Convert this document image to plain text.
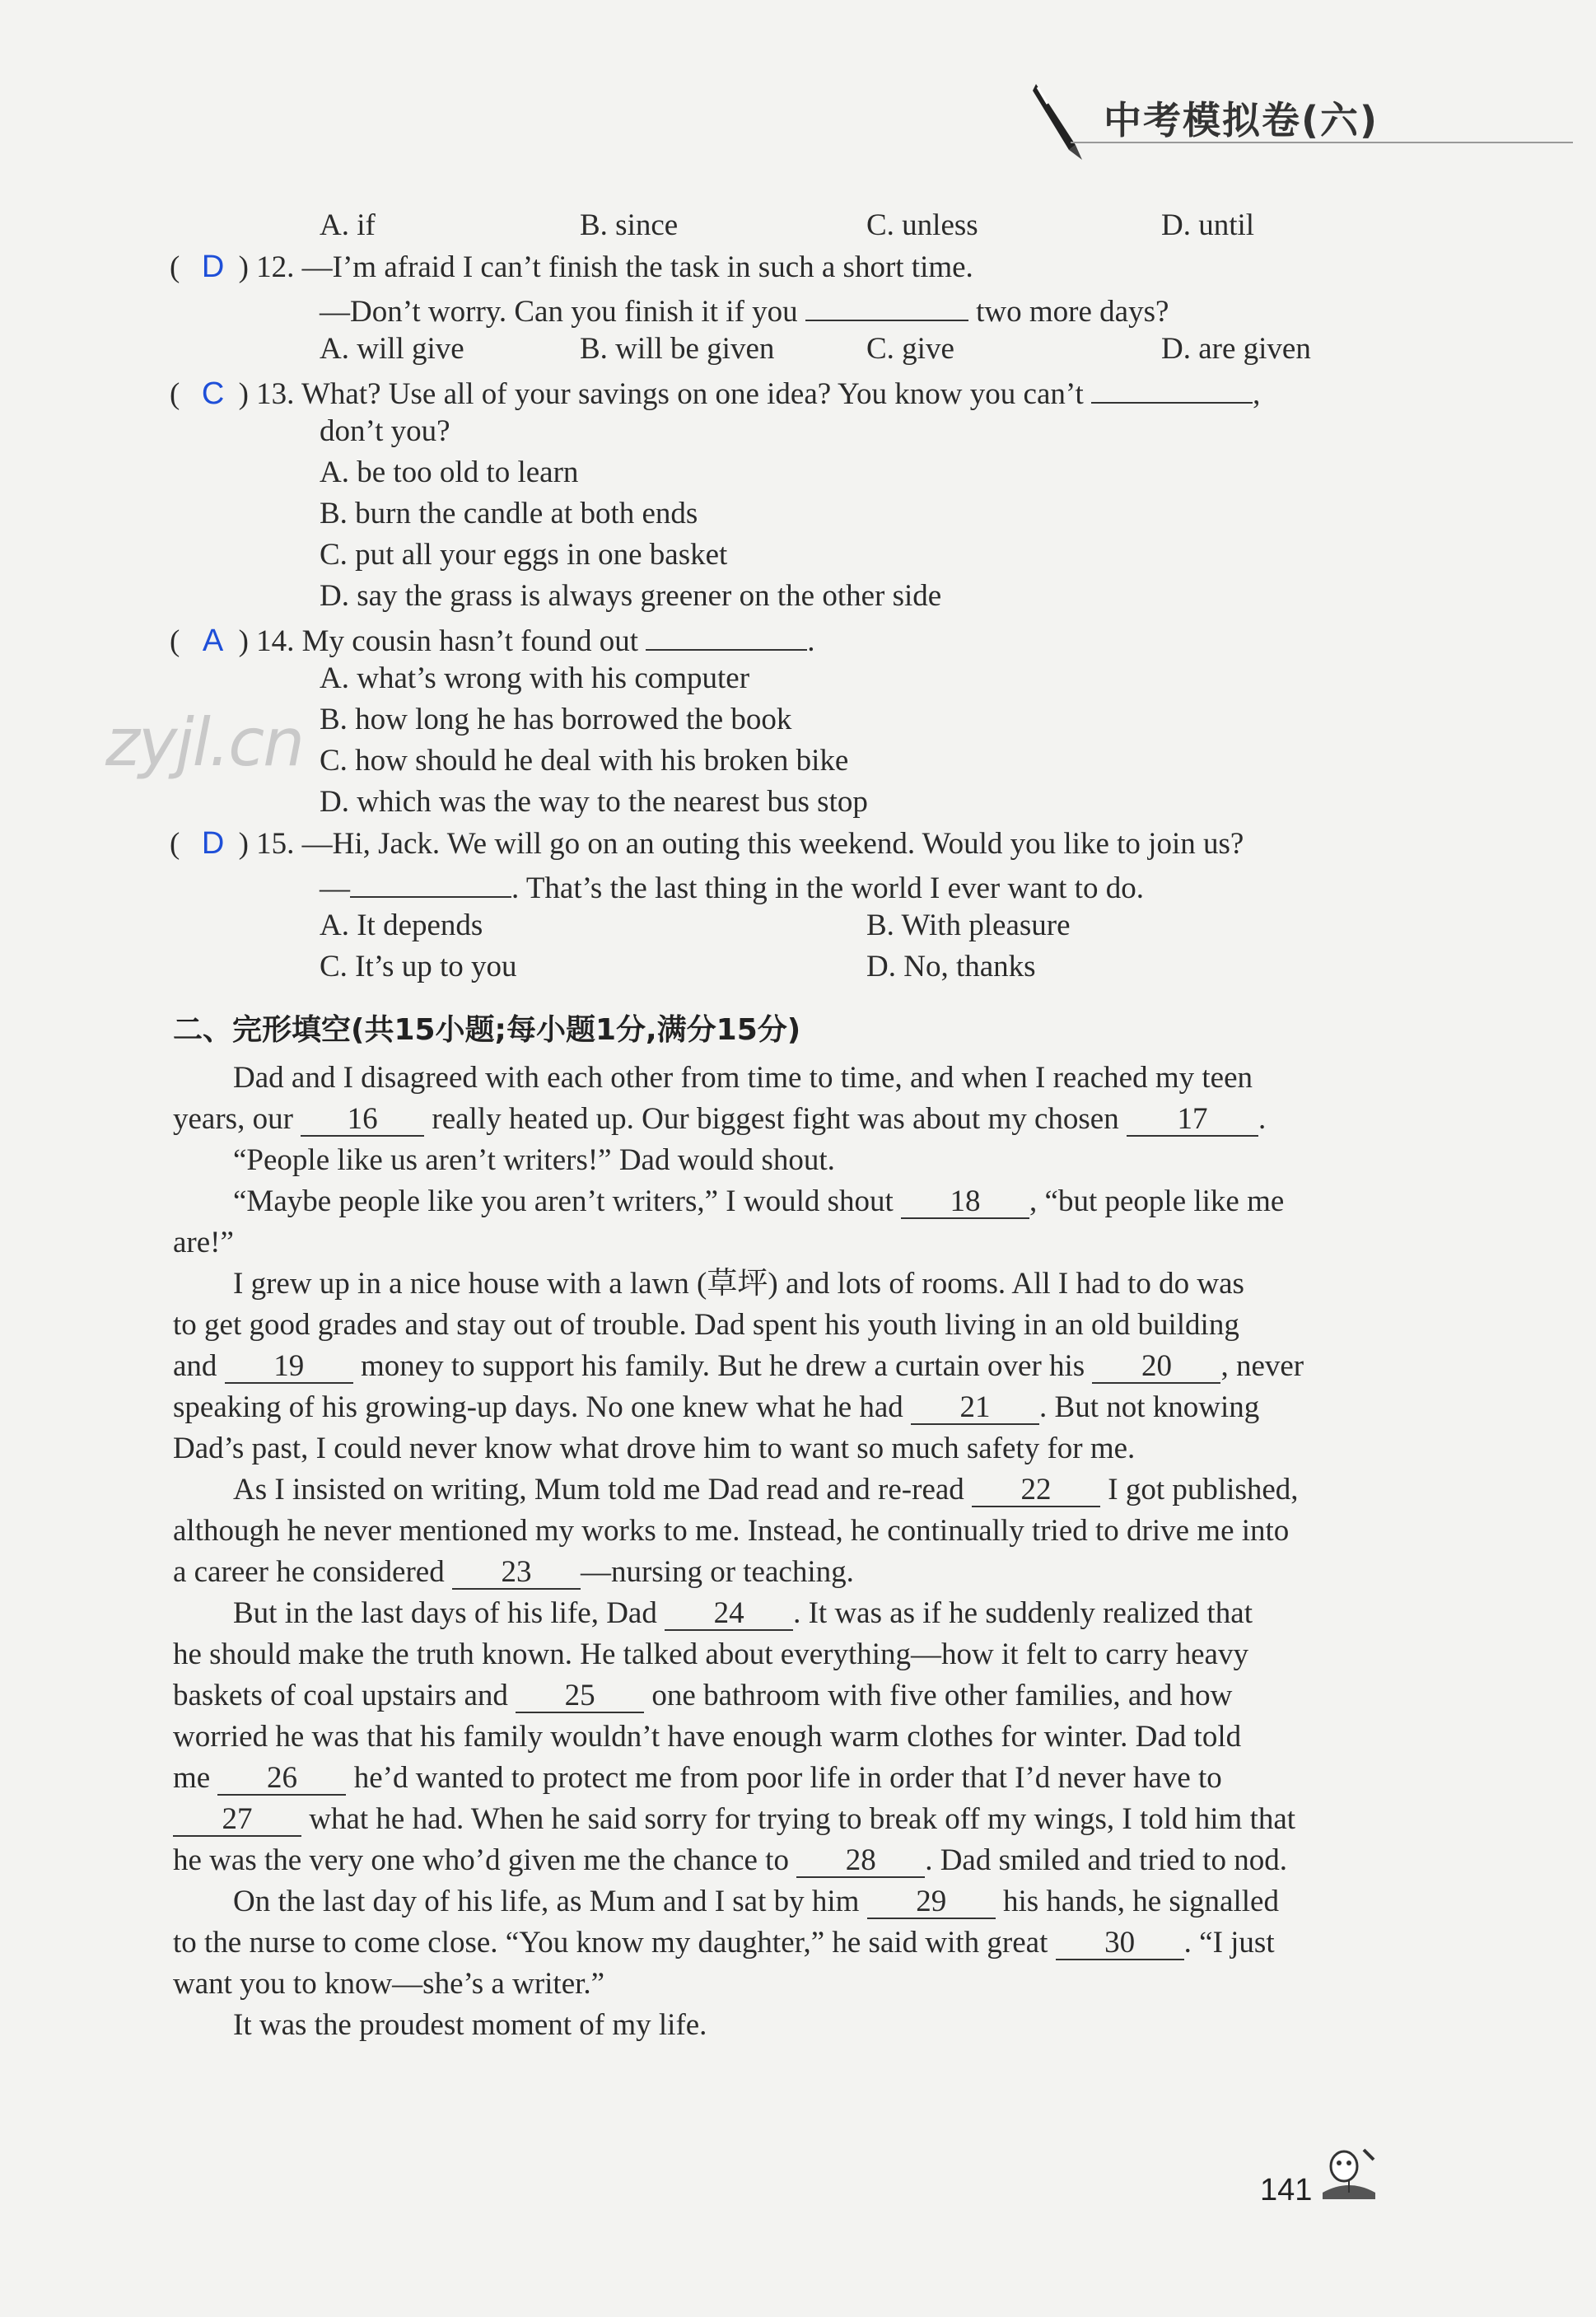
中考模拟卷(六)
A. if	B. since	C. unless	D. until
( D ) 12. —I’m afraid I can’t finish the task in such a short time.
—Don’t worry. Can you finish it if you	two more days?
A. will give	B. will be given	C. give	D. are given
( C ) 13. What? Use all of your savings on one idea? You know you can’t	,
don’t you?
A. be too old to learn
B. burn the candle at both ends
C. put all your eggs in one basket
D. say the grass is always greener on the other side
( A ) 14. My cousin hasn’t found out	.
A. what’s wrong with his computer
B. how long he has borrowed the book
C. how should he deal with his broken bike
D. which was the way to the nearest bus stop
zyjl.cn
( D ) 15. —Hi, Jack. We will go on an outing this weekend. Would you like to join us?
—	. That’s the last thing in the world I ever want to do.
A. It depends	B. With pleasure
C. It’s up to you	D. No, thanks
二、完形填空(共15小题;每小题1分,满分15分)
Dad and I disagreed with each other from time to time, and when I reached my teen
years, our 16 really heated up. Our biggest fight was about my chosen 17 .
“People like us aren’t writers!” Dad would shout.
“Maybe people like you aren’t writers,” I would shout 18 , “but people like me
are!”
I grew up in a nice house with a lawn (草坪) and lots of rooms. All I had to do was
to get good grades and stay out of trouble. Dad spent his youth living in an old building
and 19 money to support his family. But he drew a curtain over his 20 , never
speaking of his growing-up days. No one knew what he had 21 . But not knowing
Dad’s past, I could never know what drove him to want so much safety for me.
As I insisted on writing, Mum told me Dad read and re-read 22 I got published,
although he never mentioned my works to me. Instead, he continually tried to drive me into
a career he considered 23 —nursing or teaching.
But in the last days of his life, Dad 24 . It was as if he suddenly realized that
he should make the truth known. He talked about everything—how it felt to carry heavy
baskets of coal upstairs and 25 one bathroom with five other families, and how
worried he was that his family wouldn’t have enough warm clothes for winter. Dad told
me 26 he’d wanted to protect me from poor life in order that I’d never have to
27 what he had. When he said sorry for trying to break off my wings, I told him that
he was the very one who’d given me the chance to 28 . Dad smiled and tried to nod.
On the last day of his life, as Mum and I sat by him 29 his hands, he signalled
to the nurse to come close. “You know my daughter,” he said with great 30 . “I just
want you to know—she’s a writer.”
It was the proudest moment of my life.
141
